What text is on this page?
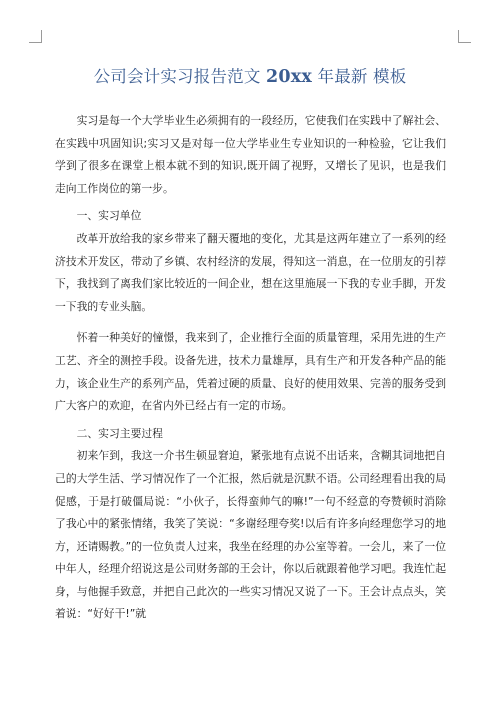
公司会计实习报告范文 20xx 年最新 模板

实习是每一个大学毕业生必须拥有的一段经历，它使我们在实践中了解社会、在实践中巩固知识;实习又是对每一位大学毕业生专业知识的一种检验，它让我们学到了很多在课堂上根本就不到的知识,既开阔了视野，又增长了见识，也是我们走向工作岗位的第一步。

一、实习单位

改革开放给我的家乡带来了翻天覆地的变化，尤其是这两年建立了一系列的经济技术开发区，带动了乡镇、农村经济的发展，得知这一消息，在一位朋友的引荐下，我找到了离我们家比较近的一间企业，想在这里施展一下我的专业手脚，开发一下我的专业头脑。

怀着一种美好的憧憬，我来到了，企业推行全面的质量管理，采用先进的生产工艺、齐全的测控手段。设备先进，技术力量雄厚，具有生产和开发各种产品的能力，该企业生产的系列产品，凭着过硬的质量、良好的使用效果、完善的服务受到广大客户的欢迎，在省内外已经占有一定的市场。

二、实习主要过程

初来乍到，我这一介书生顿显窘迫，紧张地有点说不出话来，含糊其词地把自己的大学生活、学习情况作了一个汇报，然后就是沉默不语。公司经理看出我的局促感，于是打破僵局说：“小伙子，长得蛮帅气的嘛!”一句不经意的夸赞顿时消除了我心中的紧张情绪，我笑了笑说：“多谢经理夸奖!以后有许多向经理您学习的地方，还请赐教。”的一位负责人过来，我坐在经理的办公室等着。一会儿，来了一位中年人，经理介绍说这是公司财务部的王会计，你以后就跟着他学习吧。我连忙起身，与他握手致意，并把自己此次的一些实习情况又说了一下。王会计点点头，笑着说：“好好干!”就
